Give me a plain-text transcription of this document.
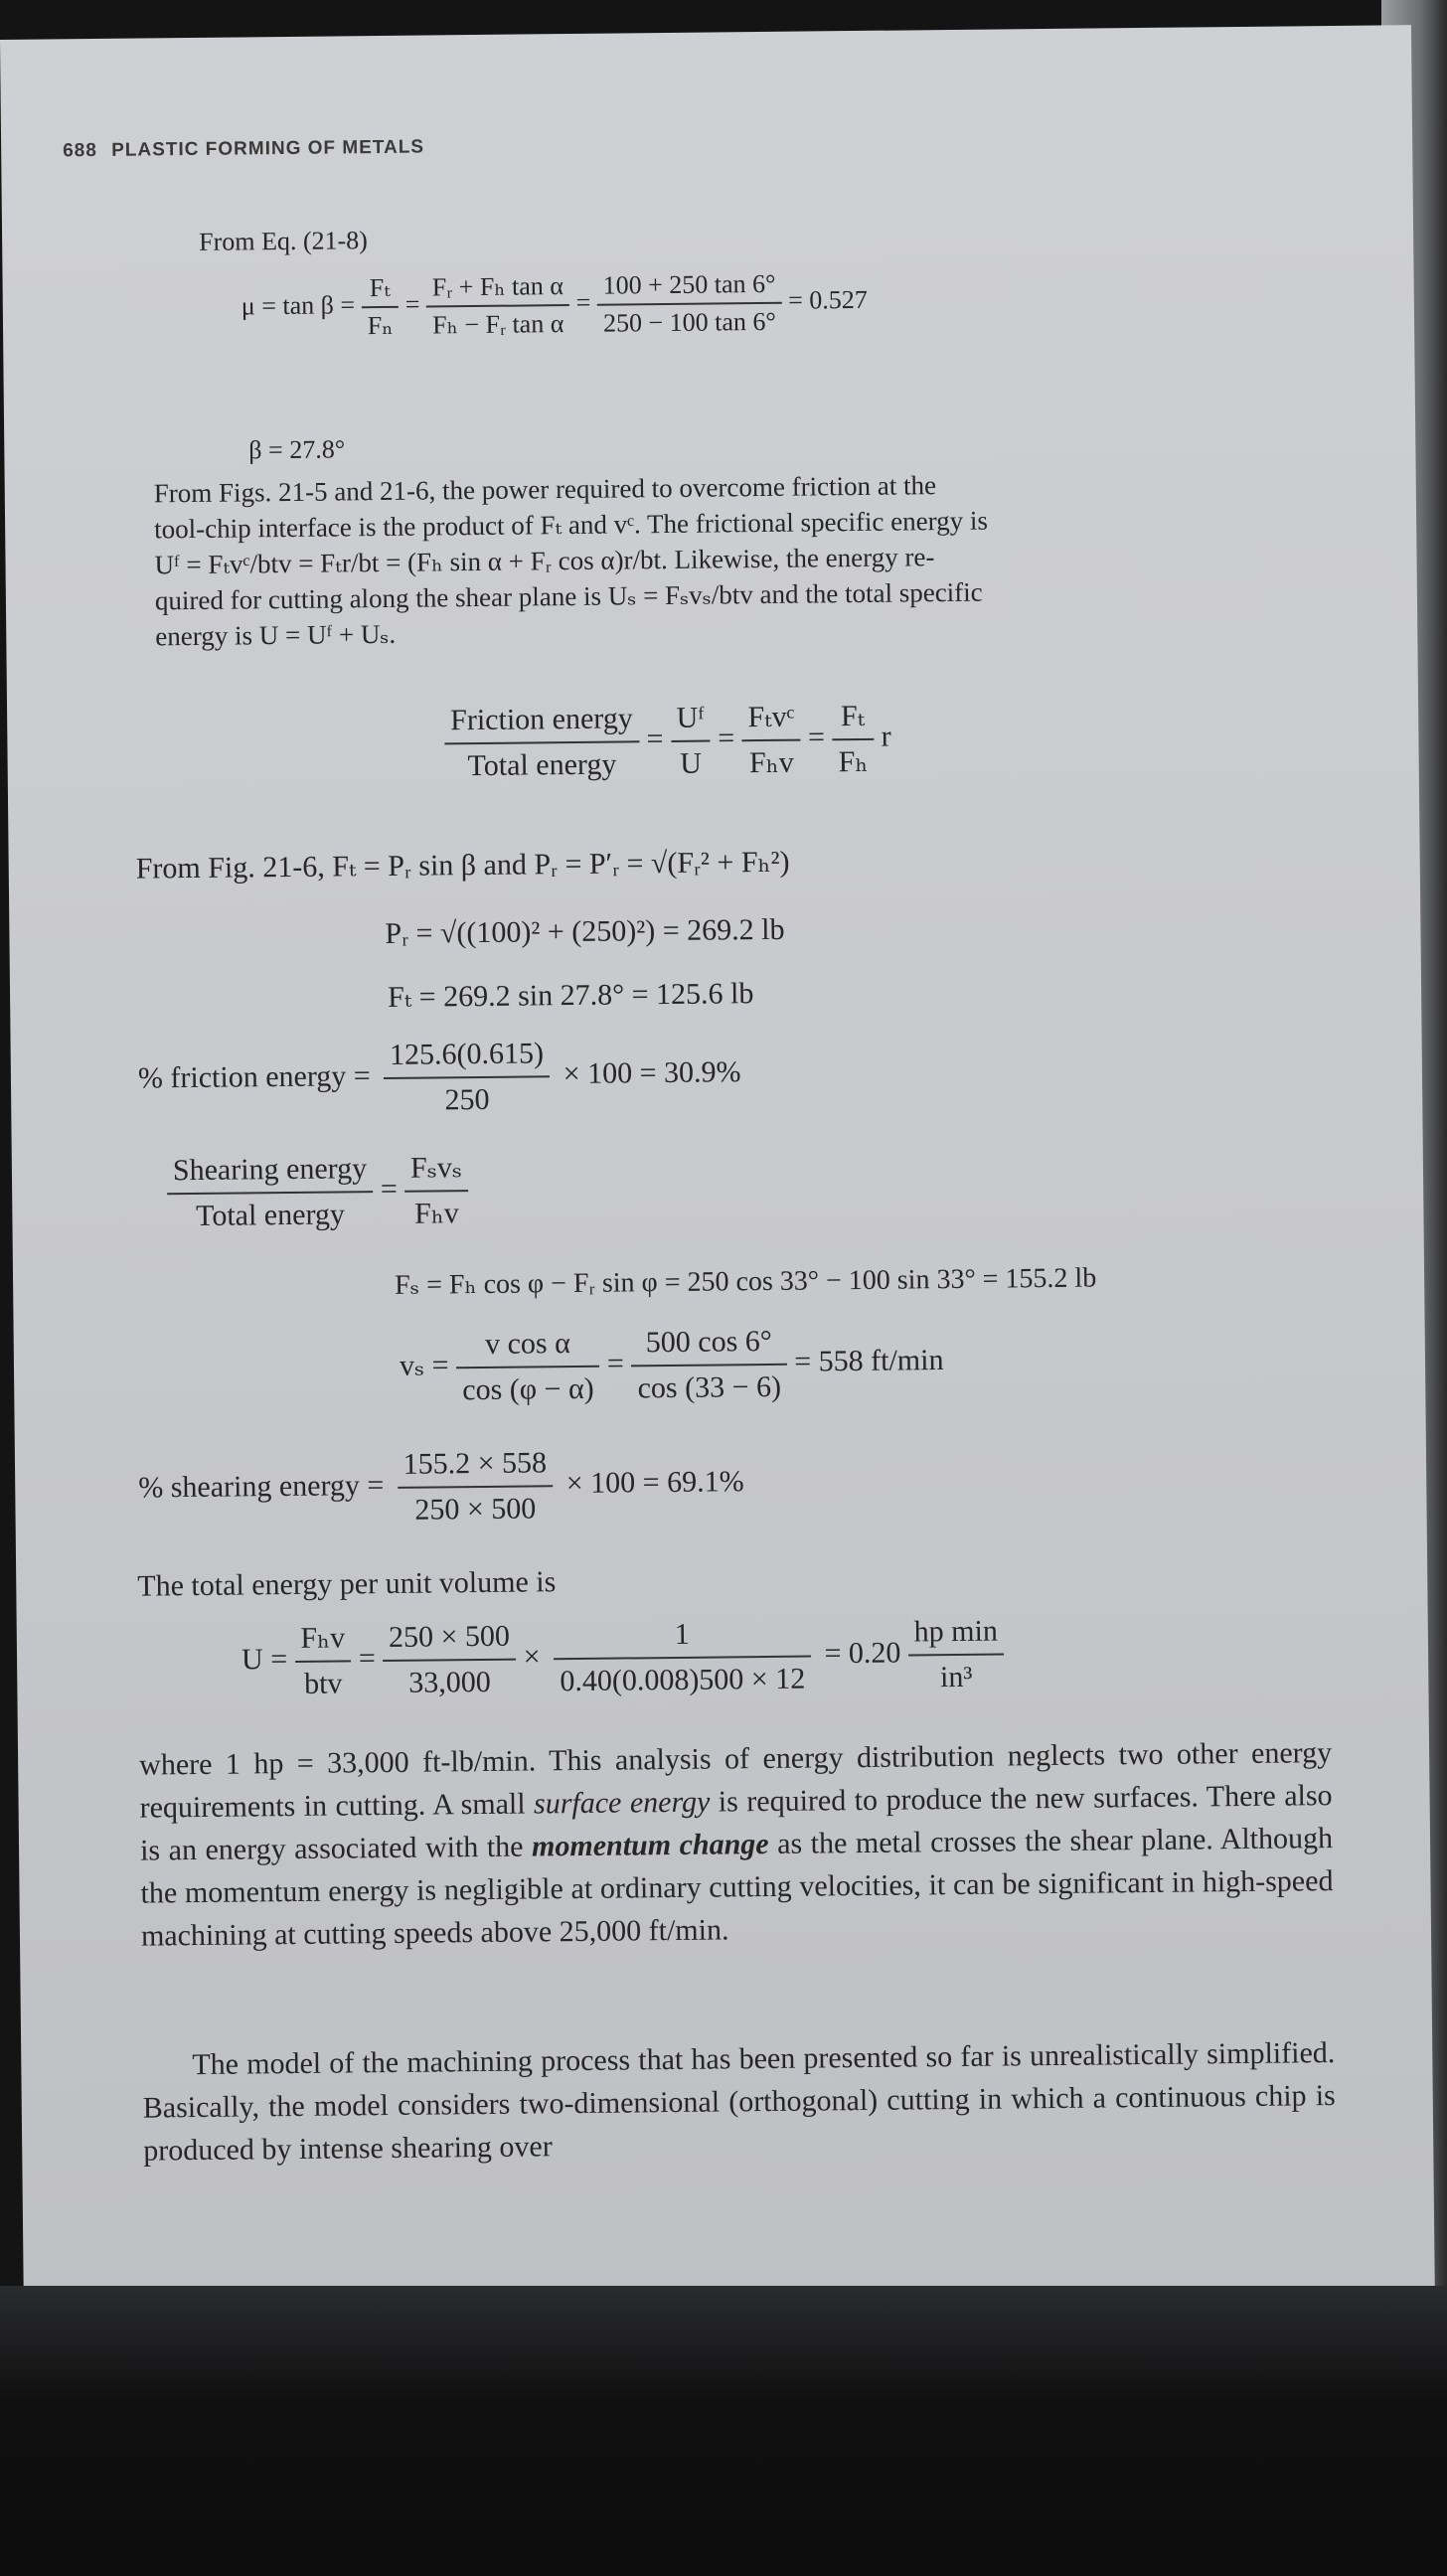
688 PLASTIC FORMING OF METALS
From Eq. (21-8)
$\mu = \tan \beta = \frac{\text{Fₜ}}{\text{Fₙ}} = \frac{\text{Fᵣ + Fₕ tan α}}{\text{Fₕ − Fᵣ tan α}} = \frac{100 + 250 \tan 6^\circ}{250 - 100 \tan 6^\circ} = 0.527$
β = 27.8°
From Figs. 21-5 and 21-6, the power required to overcome friction at the
tool-chip interface is the product of Fₜ and vᶜ. The frictional specific energy is
Uᶠ = Fₜvᶜ/btv = Fₜr/bt = (Fₕ sin α + Fᵣ cos α)r/bt. Likewise, the energy re-
quired for cutting along the shear plane is Uₛ = Fₛvₛ/btv and the total specific
energy is U = Uᶠ + Uₛ.
$\frac{\text{Friction energy}}{\text{Total energy}} = \frac{\text{Uᶠ}}{U} = \frac{\text{Fₜvᶜ}}{\text{Fₕv}} = \frac{\text{Fₜ}}{\text{Fₕ}}$ r
From Fig. 21-6, Fₜ = Pᵣ sin β and Pᵣ = P′ᵣ = √(Fᵣ² + Fₕ²)
Pᵣ = √((100)² + (250)²) = 269.2 lb
Fₜ = 269.2 sin 27.8° = 125.6 lb
% friction energy = $\frac{125.6(0.615)}{250} \times 100 = 30.9\%$
$\frac{\text{Shearing energy}}{\text{Total energy}} = \frac{\text{Fₛvₛ}}{\text{Fₕv}}$
Fₛ = Fₕ cos φ − Fᵣ sin φ = 250 cos 33° − 100 sin 33° = 155.2 lb
$v_s = \frac{\text{v cos α}}{\cos (\varphi - \alpha)} = \frac{500 \cos 6^\circ}{\cos (33 - 6)} = 558$ ft/min
% shearing energy = $\frac{155.2 \times 558}{250 \times 500} \times 100 = 69.1\%$
The total energy per unit volume is
$U = \frac{\text{Fₕv}}{\text{btv}} = \frac{250 \times 500}{33,000} \times \frac{1}{0.40(0.008)500 \times 12} = 0.20 \frac{\text{hp min}}{\text{in³}}$
where 1 hp = 33,000 ft-lb/min. This analysis of energy distribution neglects two other energy requirements in cutting. A small surface energy is required to produce the new surfaces. There also is an energy associated with the momentum change as the metal crosses the shear plane. Although the momentum energy is negligible at ordinary cutting velocities, it can be significant in high-speed machining at cutting speeds above 25,000 ft/min.
The model of the machining process that has been presented so far is unrealistically simplified. Basically, the model considers two-dimensional (orthogonal) cutting in which a continuous chip is produced by intense shearing over
